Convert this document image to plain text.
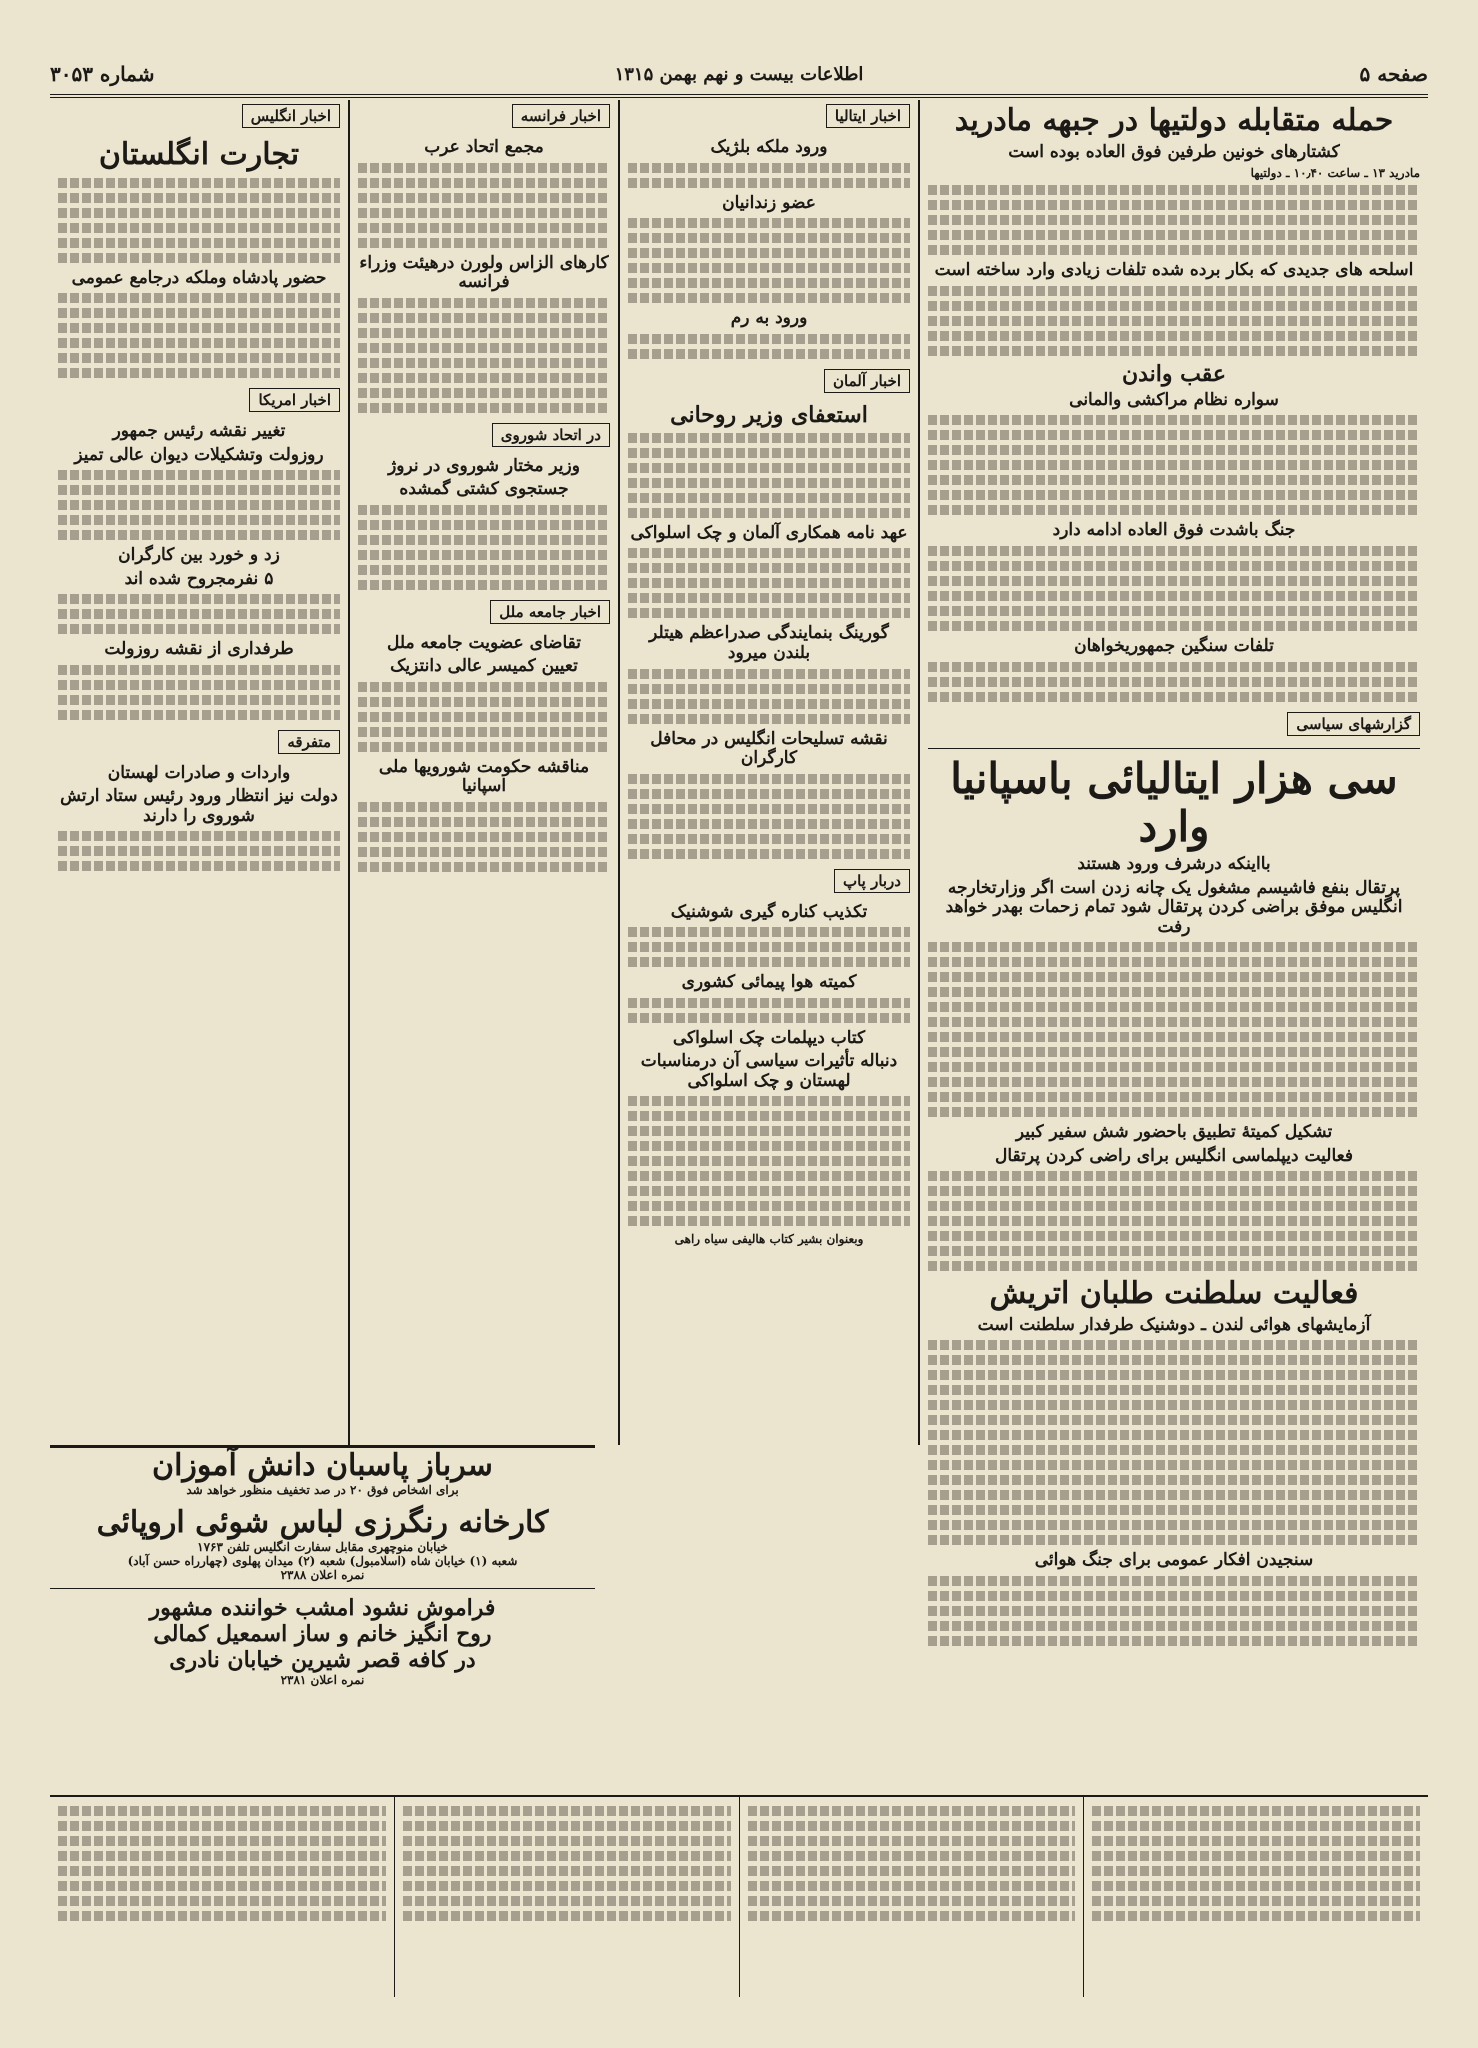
صفحه ۵
اطلاعات بیست و نهم بهمن ۱۳۱۵
شماره ۳۰۵۳
حمله متقابله دولتیها در جبهه مادرید
کشتارهای خونین طرفین فوق العاده بوده است
مادرید ۱۳ ـ ساعت ۱۰٫۴۰ ـ دولتیها
اسلحه های جدیدی که بکار برده شده تلفات زیادی وارد ساخته است
عقب واندن
سواره نظام مراکشی والمانی
جنگ باشدت فوق العاده ادامه دارد
تلفات سنگین جمهوریخواهان
گزارشهای سیاسی
سی هزار ایتالیائی باسپانیا وارد
بااینکه درشرف ورود هستند
پرتقال بنفع فاشیسم مشغول یک چانه زدن است اگر وزارتخارجه انگلیس موفق براضی کردن پرتقال شود تمام زحمات بهدر خواهد رفت
تشکیل کمیتهٔ تطبیق باحضور شش سفیر کبیر
فعالیت دیپلماسی انگلیس برای راضی کردن پرتقال
فعالیت سلطنت طلبان اتریش
آزمایشهای هوائی لندن ـ دوشنیک طرفدار سلطنت است
سنجیدن افکار عمومی برای جنگ هوائی
اخبار ایتالیا
ورود ملکه بلژیک
عضو زندانیان
ورود به رم
اخبار آلمان
استعفای وزیر روحانی
عهد نامه همکاری آلمان و چک اسلواکی
گورینگ بنمایندگی صدراعظم هیتلر بلندن میرود
نقشه تسلیحات انگلیس در محافل کارگران
دربار پاپ
تکذیب کناره گیری شوشنیک
کمیته هوا پیمائی کشوری
کتاب دیپلمات چک اسلواکی
دنباله تأثیرات سیاسی آن درمناسبات لهستان و چک اسلواکی
وبعنوان بشیر کتاب هالیفی سیاه راهی
اخبار فرانسه
مجمع اتحاد عرب
کارهای الزاس ولورن درهیئت وزراء فرانسه
در اتحاد شوروی
وزیر مختار شوروی در نروژ
جستجوی کشتی گمشده
اخبار جامعه ملل
تقاضای عضویت جامعه ملل
تعیین کمیسر عالی دانتزیک
مناقشه حکومت شورویها ملی اسپانیا
اخبار انگلیس
تجارت انگلستان
حضور پادشاه وملکه درجامع عمومی
اخبار امریکا
تغییر نقشه رئیس جمهور
روزولت وتشکیلات دیوان عالی تمیز
زد و خورد بین کارگران
۵ نفرمجروح شده اند
طرفداری از نقشه روزولت
متفرقه
واردات و صادرات لهستان
دولت نیز انتظار ورود رئیس ستاد ارتش شوروی را دارند
سرباز پاسبان دانش آموزان
برای اشخاص فوق ۲۰ در صد تخفیف منظور خواهد شد
کارخانه رنگرزی لباس شوئی اروپائی
خیابان منوچهری مقابل سفارت انگلیس تلفن ۱۷۶۳
شعبه (۱) خیابان شاه (اسلامبول) شعبه (۲) میدان پهلوی (چهارراه حسن آباد)
نمره اعلان ۲۳۸۸
فراموش نشود امشب خواننده مشهور
روح انگیز خانم و ساز اسمعیل کمالی
در کافه قصر شیرین خیابان نادری
نمره اعلان ۲۳۸۱
